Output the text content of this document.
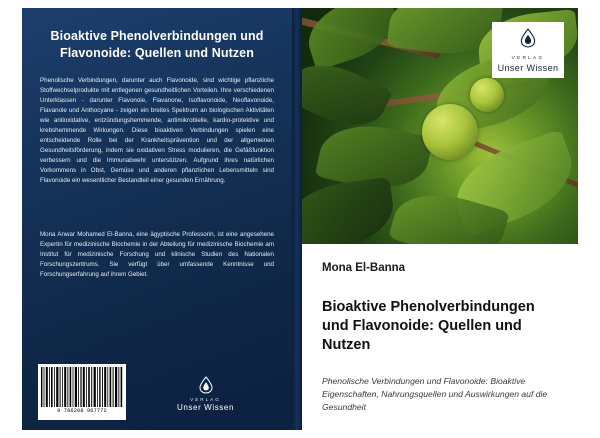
Bioaktive Phenolverbindungen und Flavonoide: Quellen und Nutzen
Phenolische Verbindungen, darunter auch Flavonoide, sind wichtige pflanzliche Stoffwechselprodukte mit entlegenen gesundheitlichen Vorteilen. Ihre verschiedenen Unterklassen - darunter Flavonole, Flavanone, Isoflavonoide, Neoflavonoide, Flavanole und Anthocyane - zeigen ein breites Spektrum an biologischen Aktivitäten wie antioxidative, entzündungshemmende, antimikrobielle, kardio-protektive und krebshemmende Wirkungen. Diese bioaktiven Verbindungen spielen eine entscheidende Rolle bei der Krankheitsprävention und der allgemeinen Gesundheitsförderung, indem sie oxidativen Stress modulieren, die Gefäßfunktion verbessern und die Immunabwehr unterstützen. Aufgrund ihres natürlichen Vorkommens in Obst, Gemüse und anderen pflanzlichen Lebensmitteln sind Flavonoide ein wesentlicher Bestandteil einer gesunden Ernährung.
Mona Anwar Mohamed El-Banna, eine ägyptische Professorin, ist eine angesehene Expertin für medizinische Biochemie in der Abteilung für medizinische Biochemie am Institut für medizinische Forschung und klinische Studien des Nationalen Forschungszentrums. Sie verfügt über umfassende Kenntnisse und Forschungserfahrung auf ihrem Gebiet.
9 786208 967772
VERLAG
Unser Wissen
VERLAG
Unser Wissen
Mona El-Banna
Bioaktive Phenolverbindungen und Flavonoide: Quellen und Nutzen
Phenolische Verbindungen und Flavonoide: Bioaktive Eigenschaften, Nahrungsquellen und Auswirkungen auf die Gesundheit
